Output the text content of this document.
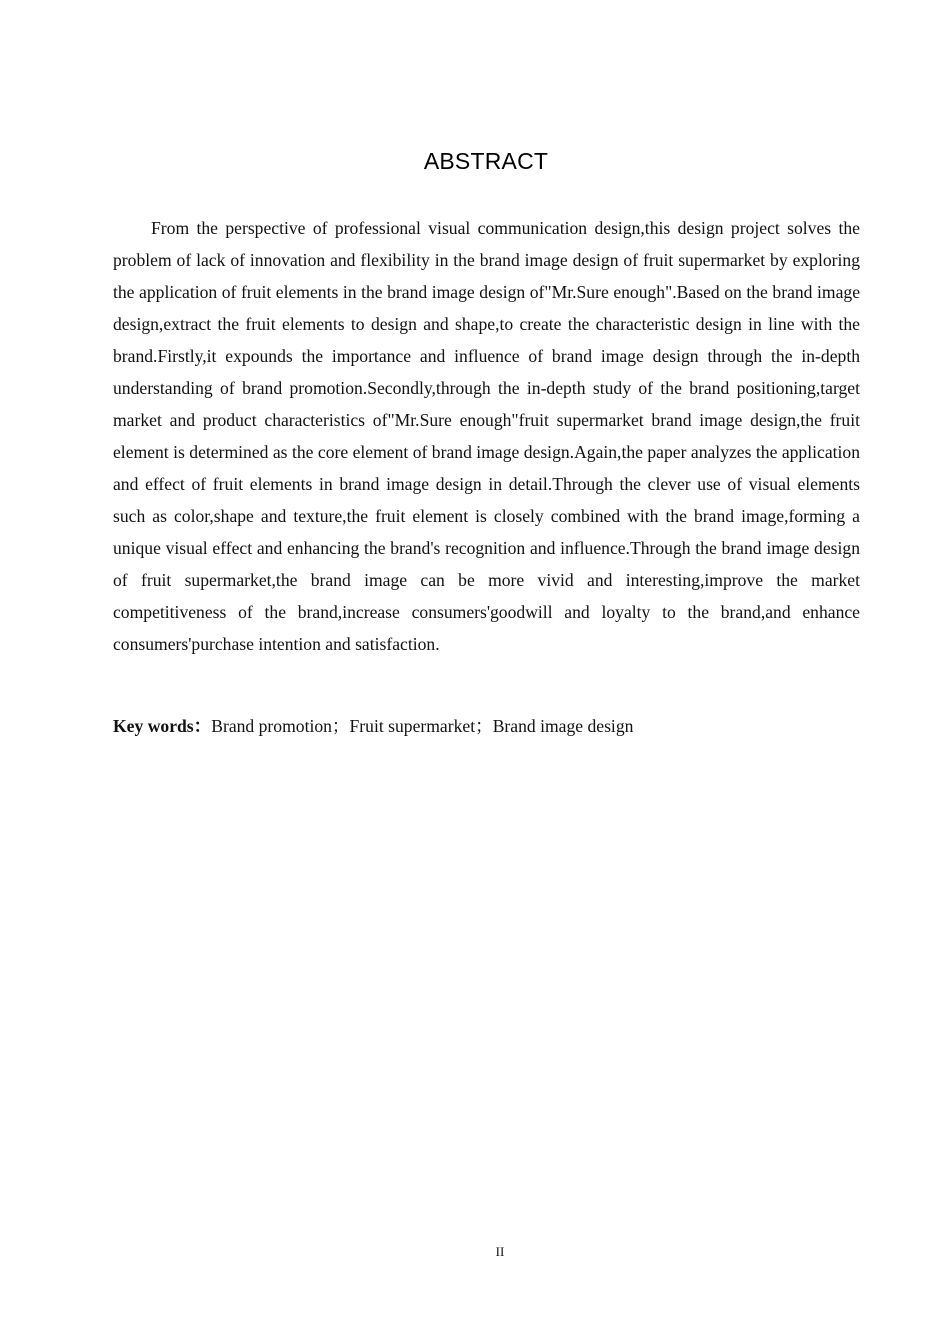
ABSTRACT

From the perspective of professional visual communication design,this design project solves the problem of lack of innovation and flexibility in the brand image design of fruit supermarket by exploring the application of fruit elements in the brand image design of"Mr.Sure enough".Based on the brand image design,extract the fruit elements to design and shape,to create the characteristic design in line with the brand.Firstly,it expounds the importance and influence of brand image design through the in-depth understanding of brand promotion.Secondly,through the in-depth study of the brand positioning,target market and product characteristics of"Mr.Sure enough"fruit supermarket brand image design,the fruit element is determined as the core element of brand image design.Again,the paper analyzes the application and effect of fruit elements in brand image design in detail.Through the clever use of visual elements such as color,shape and texture,the fruit element is closely combined with the brand image,forming a unique visual effect and enhancing the brand's recognition and influence.Through the brand image design of fruit supermarket,the brand image can be more vivid and interesting,improve the market competitiveness of the brand,increase consumers'goodwill and loyalty to the brand,and enhance consumers'purchase intention and satisfaction.

Key words：Brand promotion；Fruit supermarket；Brand image design

II
